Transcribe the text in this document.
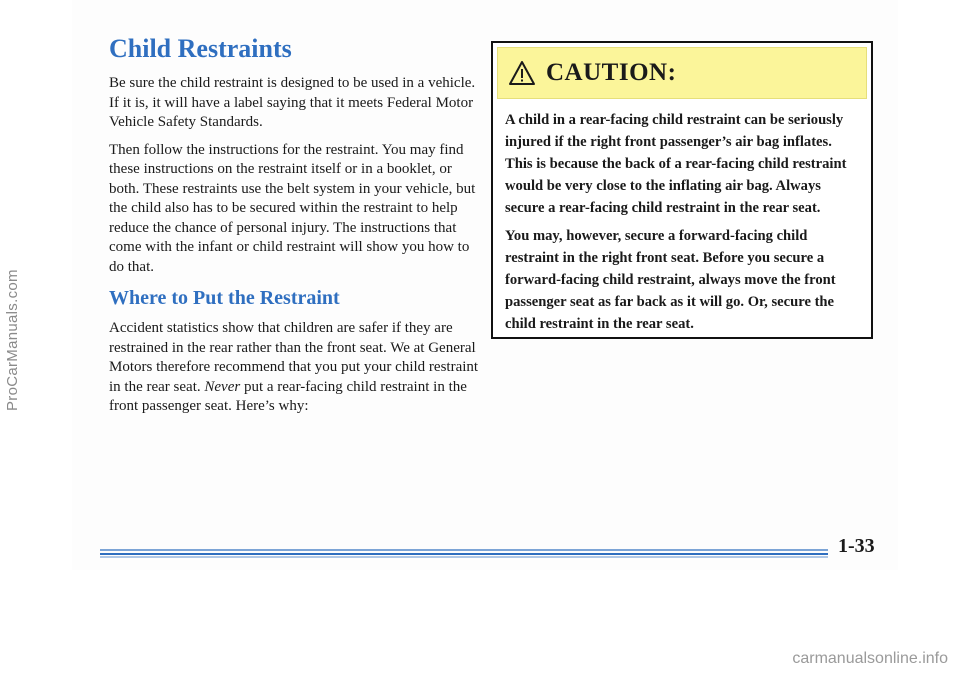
ProCarManuals.com
Child Restraints

Be sure the child restraint is designed to be used in a vehicle. If it is, it will have a label saying that it meets Federal Motor Vehicle Safety Standards.

Then follow the instructions for the restraint. You may find these instructions on the restraint itself or in a booklet, or both. These restraints use the belt system in your vehicle, but the child also has to be secured within the restraint to help reduce the chance of personal injury. The instructions that come with the infant or child restraint will show you how to do that.

Where to Put the Restraint

Accident statistics show that children are safer if they are restrained in the rear rather than the front seat. We at General Motors therefore recommend that you put your child restraint in the rear seat. Never put a rear-facing child restraint in the front passenger seat. Here’s why:

CAUTION:

A child in a rear-facing child restraint can be seriously injured if the right front passenger’s air bag inflates. This is because the back of a rear-facing child restraint would be very close to the inflating air bag. Always secure a rear-facing child restraint in the rear seat.

You may, however, secure a forward-facing child restraint in the right front seat. Before you secure a forward-facing child restraint, always move the front passenger seat as far back as it will go. Or, secure the child restraint in the rear seat.

1-33
carmanualsonline.info
